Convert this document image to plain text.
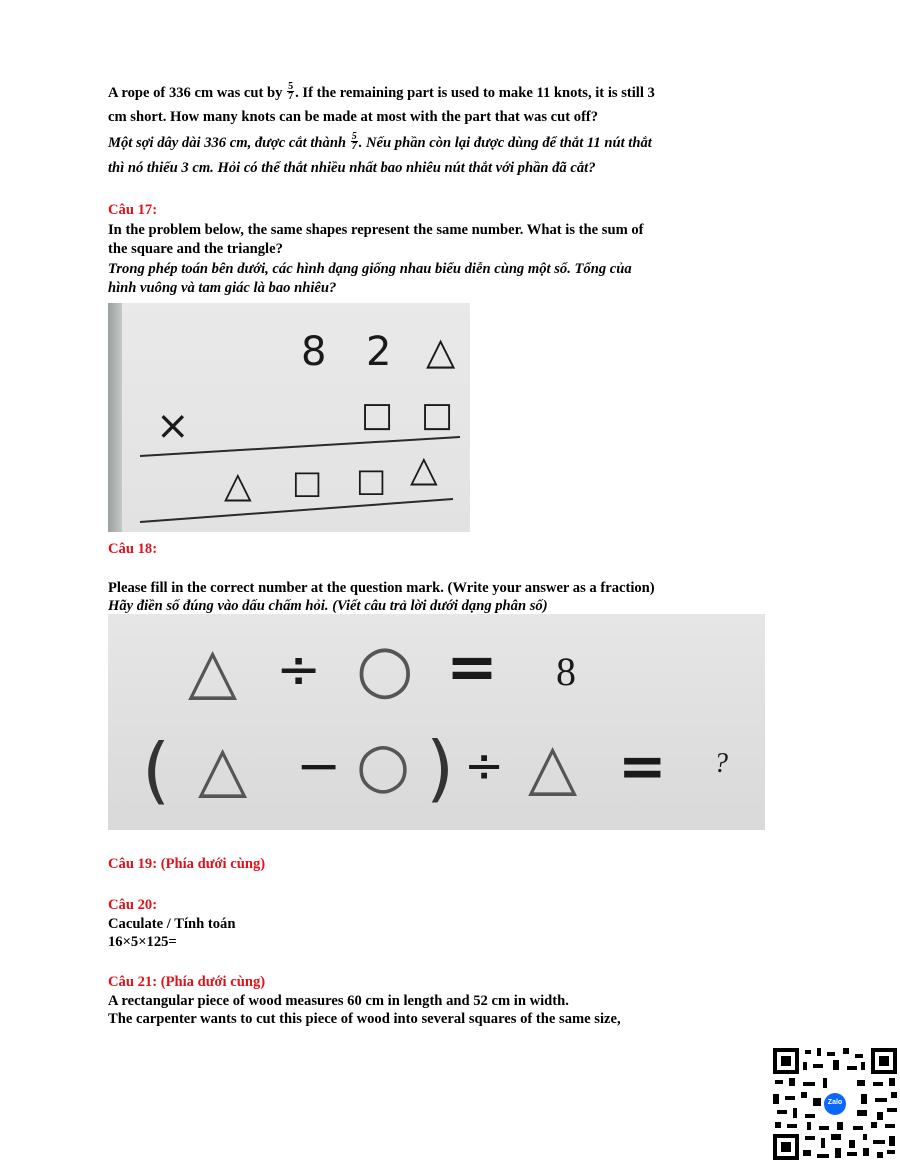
A rope of 336 cm was cut by $\frac{5}{7}$ . If the remaining part is used to make 11 knots, it is still 3
cm short. How many knots can be made at most with the part that was cut off?
Một sợi dây dài 336 cm, được cắt thành $\frac{5}{7}$ . Nếu phần còn lại được dùng để thắt 11 nút thắt
thì nó thiếu 3 cm. Hỏi có thể thắt nhiều nhất bao nhiêu nút thắt với phần đã cắt?
Câu 17:
In the problem below, the same shapes represent the same number. What is the sum of
the square and the triangle?
Trong phép toán bên dưới, các hình dạng giống nhau biểu diễn cùng một số. Tổng của
hình vuông và tam giác là bao nhiêu?
8 2 △
×	□ □
△ □ □ △
Câu 18:
Please fill in the correct number at the question mark. (Write your answer as a fraction)
Hãy điền số đúng vào dấu chấm hỏi. (Viết câu trả lời dưới dạng phân số)
△ ÷ ○ = 8
( △ − ○ ) ÷ △ = ?
Câu 19: (Phía dưới cùng)
Câu 20:
Caculate / Tính toán
16×5×125=
Câu 21: (Phía dưới cùng)
A rectangular piece of wood measures 60 cm in length and 52 cm in width.
The carpenter wants to cut this piece of wood into several squares of the same size,
Zalo
